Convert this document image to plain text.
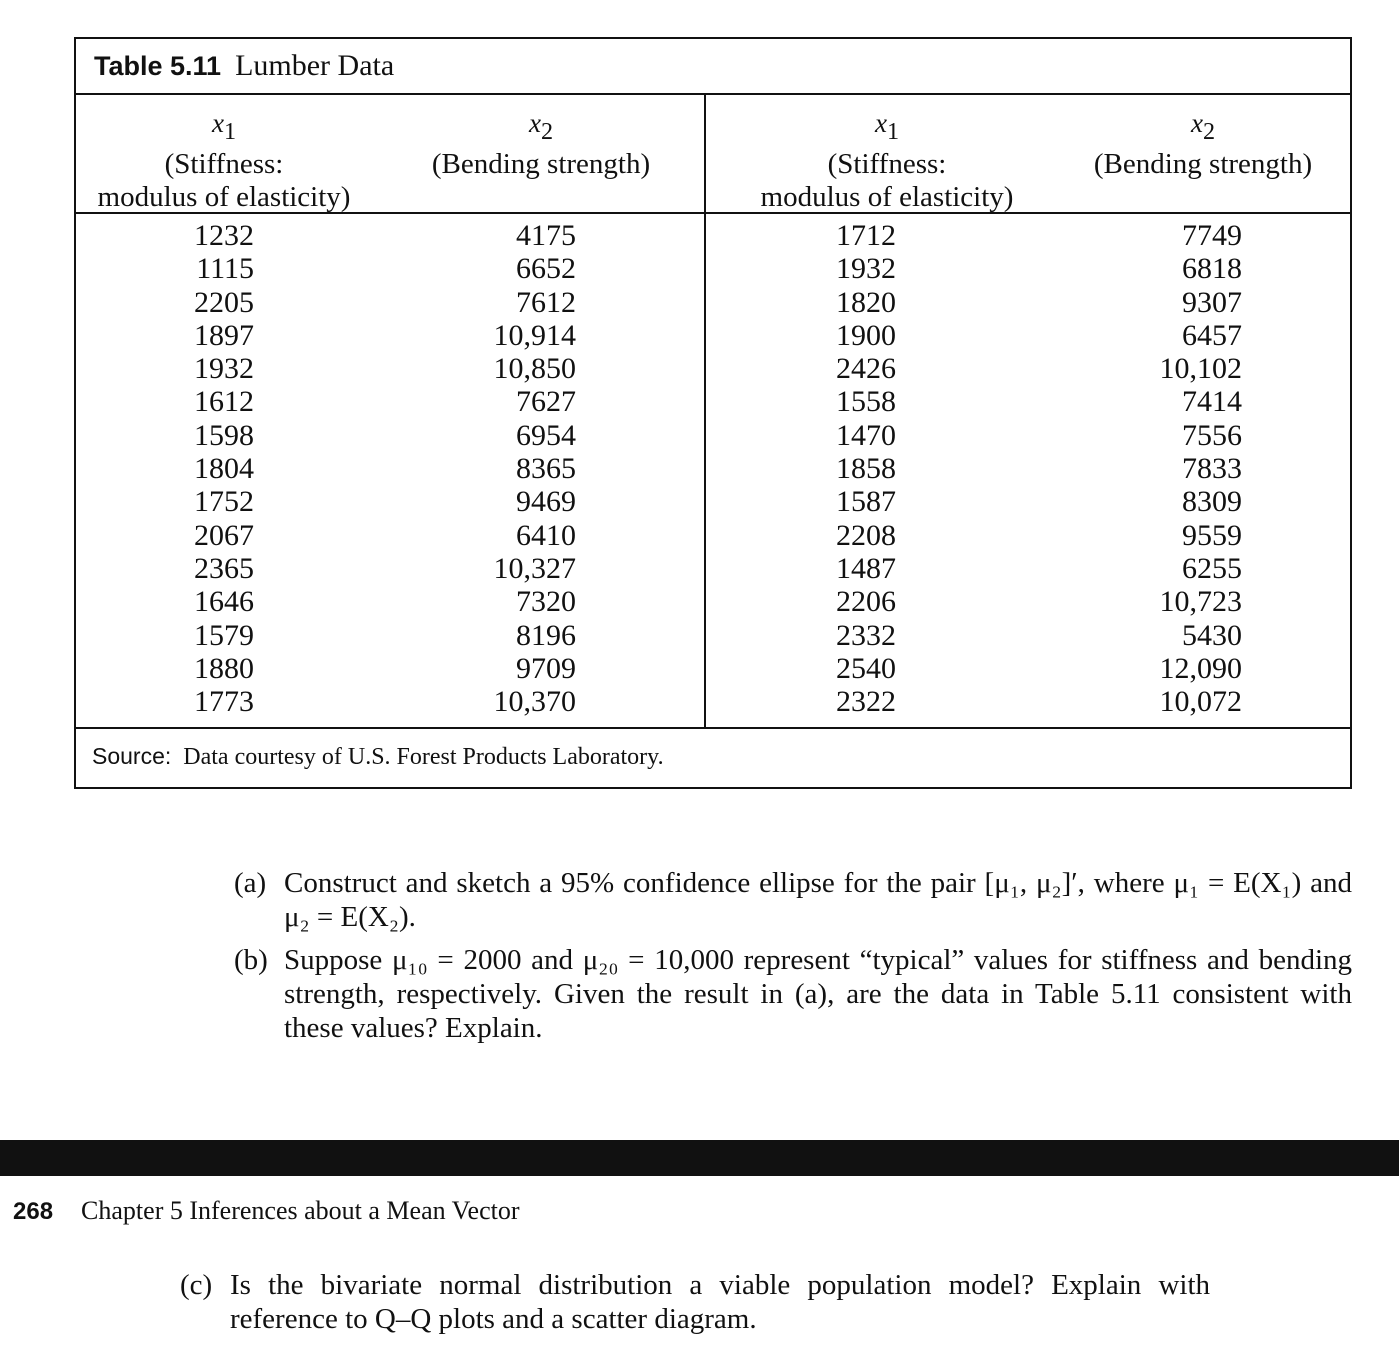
Table 5.11 Lumber Data
$x_1$
(Stiffness:
modulus of elasticity)
$x_2$
(Bending strength)
$x_1$
(Stiffness:
modulus of elasticity)
$x_2$
(Bending strength)
1232
1115
2205
1897
1932
1612
1598
1804
1752
2067
2365
1646
1579
1880
1773
4175
6652
7612
10,914
10,850
7627
6954
8365
9469
6410
10,327
7320
8196
9709
10,370
1712
1932
1820
1900
2426
1558
1470
1858
1587
2208
1487
2206
2332
2540
2322
7749
6818
9307
6457
10,102
7414
7556
7833
8309
9559
6255
10,723
5430
12,090
10,072
Source: Data courtesy of U.S. Forest Products Laboratory.
(a) Construct and sketch a 95% confidence ellipse for the pair [μ₁, μ₂]′, where μ₁ = E(X₁) and μ₂ = E(X₂).
(b) Suppose μ₁₀ = 2000 and μ₂₀ = 10,000 represent “typical” values for stiffness and bending strength, respectively. Given the result in (a), are the data in Table 5.11 consistent with these values? Explain.
268 Chapter 5 Inferences about a Mean Vector
(c) Is the bivariate normal distribution a viable population model? Explain with reference to Q–Q plots and a scatter diagram.
